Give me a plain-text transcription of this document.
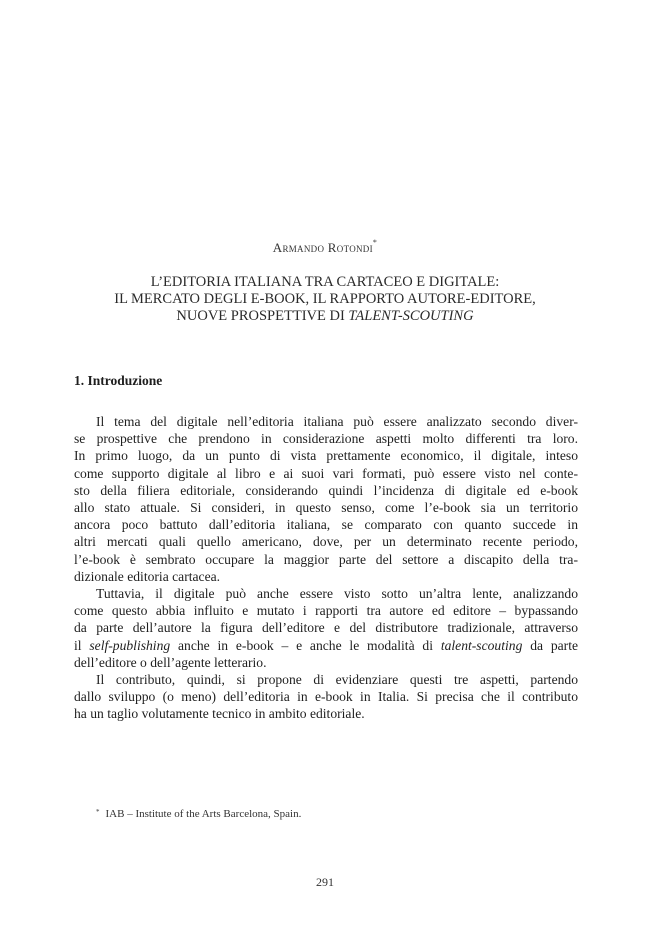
Armando Rotondi*
L’EDITORIA ITALIANA TRA CARTACEO E DIGITALE:
IL MERCATO DEGLI E-BOOK, IL RAPPORTO AUTORE-EDITORE,
NUOVE PROSPETTIVE DI TALENT-SCOUTING
1. Introduzione
Il tema del digitale nell’editoria italiana può essere analizzato secondo diver-
se prospettive che prendono in considerazione aspetti molto differenti tra loro.
In primo luogo, da un punto di vista prettamente economico, il digitale, inteso
come supporto digitale al libro e ai suoi vari formati, può essere visto nel conte-
sto della filiera editoriale, considerando quindi l’incidenza di digitale ed e-book
allo stato attuale. Si consideri, in questo senso, come l’e-book sia un territorio
ancora poco battuto dall’editoria italiana, se comparato con quanto succede in
altri mercati quali quello americano, dove, per un determinato recente periodo,
l’e-book è sembrato occupare la maggior parte del settore a discapito della tra-
dizionale editoria cartacea.
Tuttavia, il digitale può anche essere visto sotto un’altra lente, analizzando
come questo abbia influito e mutato i rapporti tra autore ed editore – bypassando
da parte dell’autore la figura dell’editore e del distributore tradizionale, attraverso
il self-publishing anche in e-book – e anche le modalità di talent-scouting da parte
dell’editore o dell’agente letterario.
Il contributo, quindi, si propone di evidenziare questi tre aspetti, partendo
dallo sviluppo (o meno) dell’editoria in e-book in Italia. Si precisa che il contributo
ha un taglio volutamente tecnico in ambito editoriale.
* IAB – Institute of the Arts Barcelona, Spain.
291
